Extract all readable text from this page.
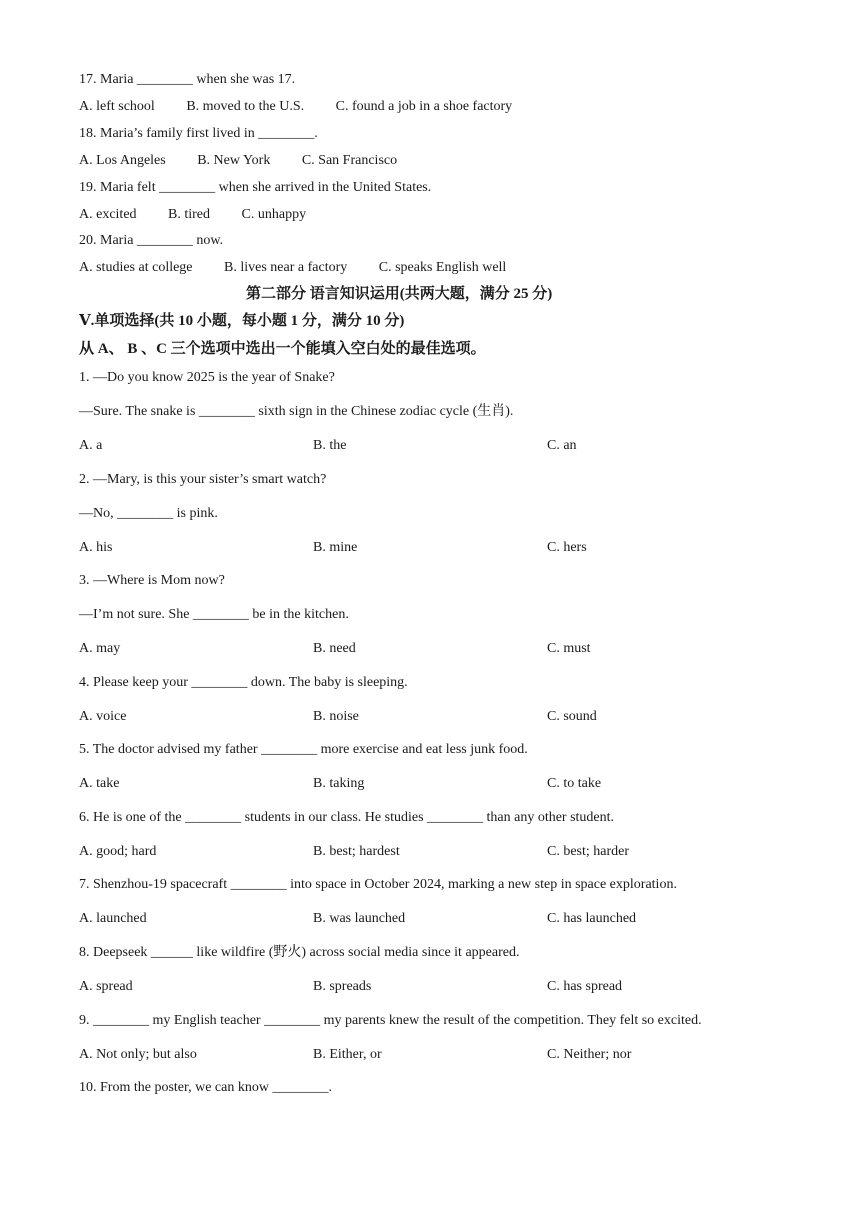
17. Maria ________ when she was 17.
A. left school B. moved to the U.S. C. found a job in a shoe factory
18. Maria’s family first lived in ________.
A. Los Angeles B. New York C. San Francisco
19. Maria felt ________ when she arrived in the United States.
A. excited B. tired C. unhappy
20. Maria ________ now.
A. studies at college B. lives near a factory C. speaks English well
第二部分 语言知识运用(共两大题，满分 25 分)
Ⅴ.单项选择(共 10 小题，每小题 1 分，满分 10 分)
从 A、 B 、C 三个选项中选出一个能填入空白处的最佳选项。
1. —Do you know 2025 is the year of Snake?
—Sure. The snake is ________ sixth sign in the Chinese zodiac cycle (生肖).
A. a	B. the	C. an
2. —Mary, is this your sister’s smart watch?
—No, ________ is pink.
A. his	B. mine	C. hers
3. —Where is Mom now?
—I’m not sure. She ________ be in the kitchen.
A. may	B. need	C. must
4. Please keep your ________ down. The baby is sleeping.
A. voice	B. noise	C. sound
5. The doctor advised my father ________ more exercise and eat less junk food.
A. take	B. taking	C. to take
6. He is one of the ________ students in our class. He studies ________ than any other student.
A. good; hard	B. best; hardest	C. best; harder
7. Shenzhou-19 spacecraft ________ into space in October 2024, marking a new step in space exploration.
A. launched	B. was launched	C. has launched
8. Deepseek ______ like wildfire (野火) across social media since it appeared.
A. spread	B. spreads	C. has spread
9. ________ my English teacher ________ my parents knew the result of the competition. They felt so excited.
A. Not only; but also	B. Either, or	C. Neither; nor
10. From the poster, we can know ________.
